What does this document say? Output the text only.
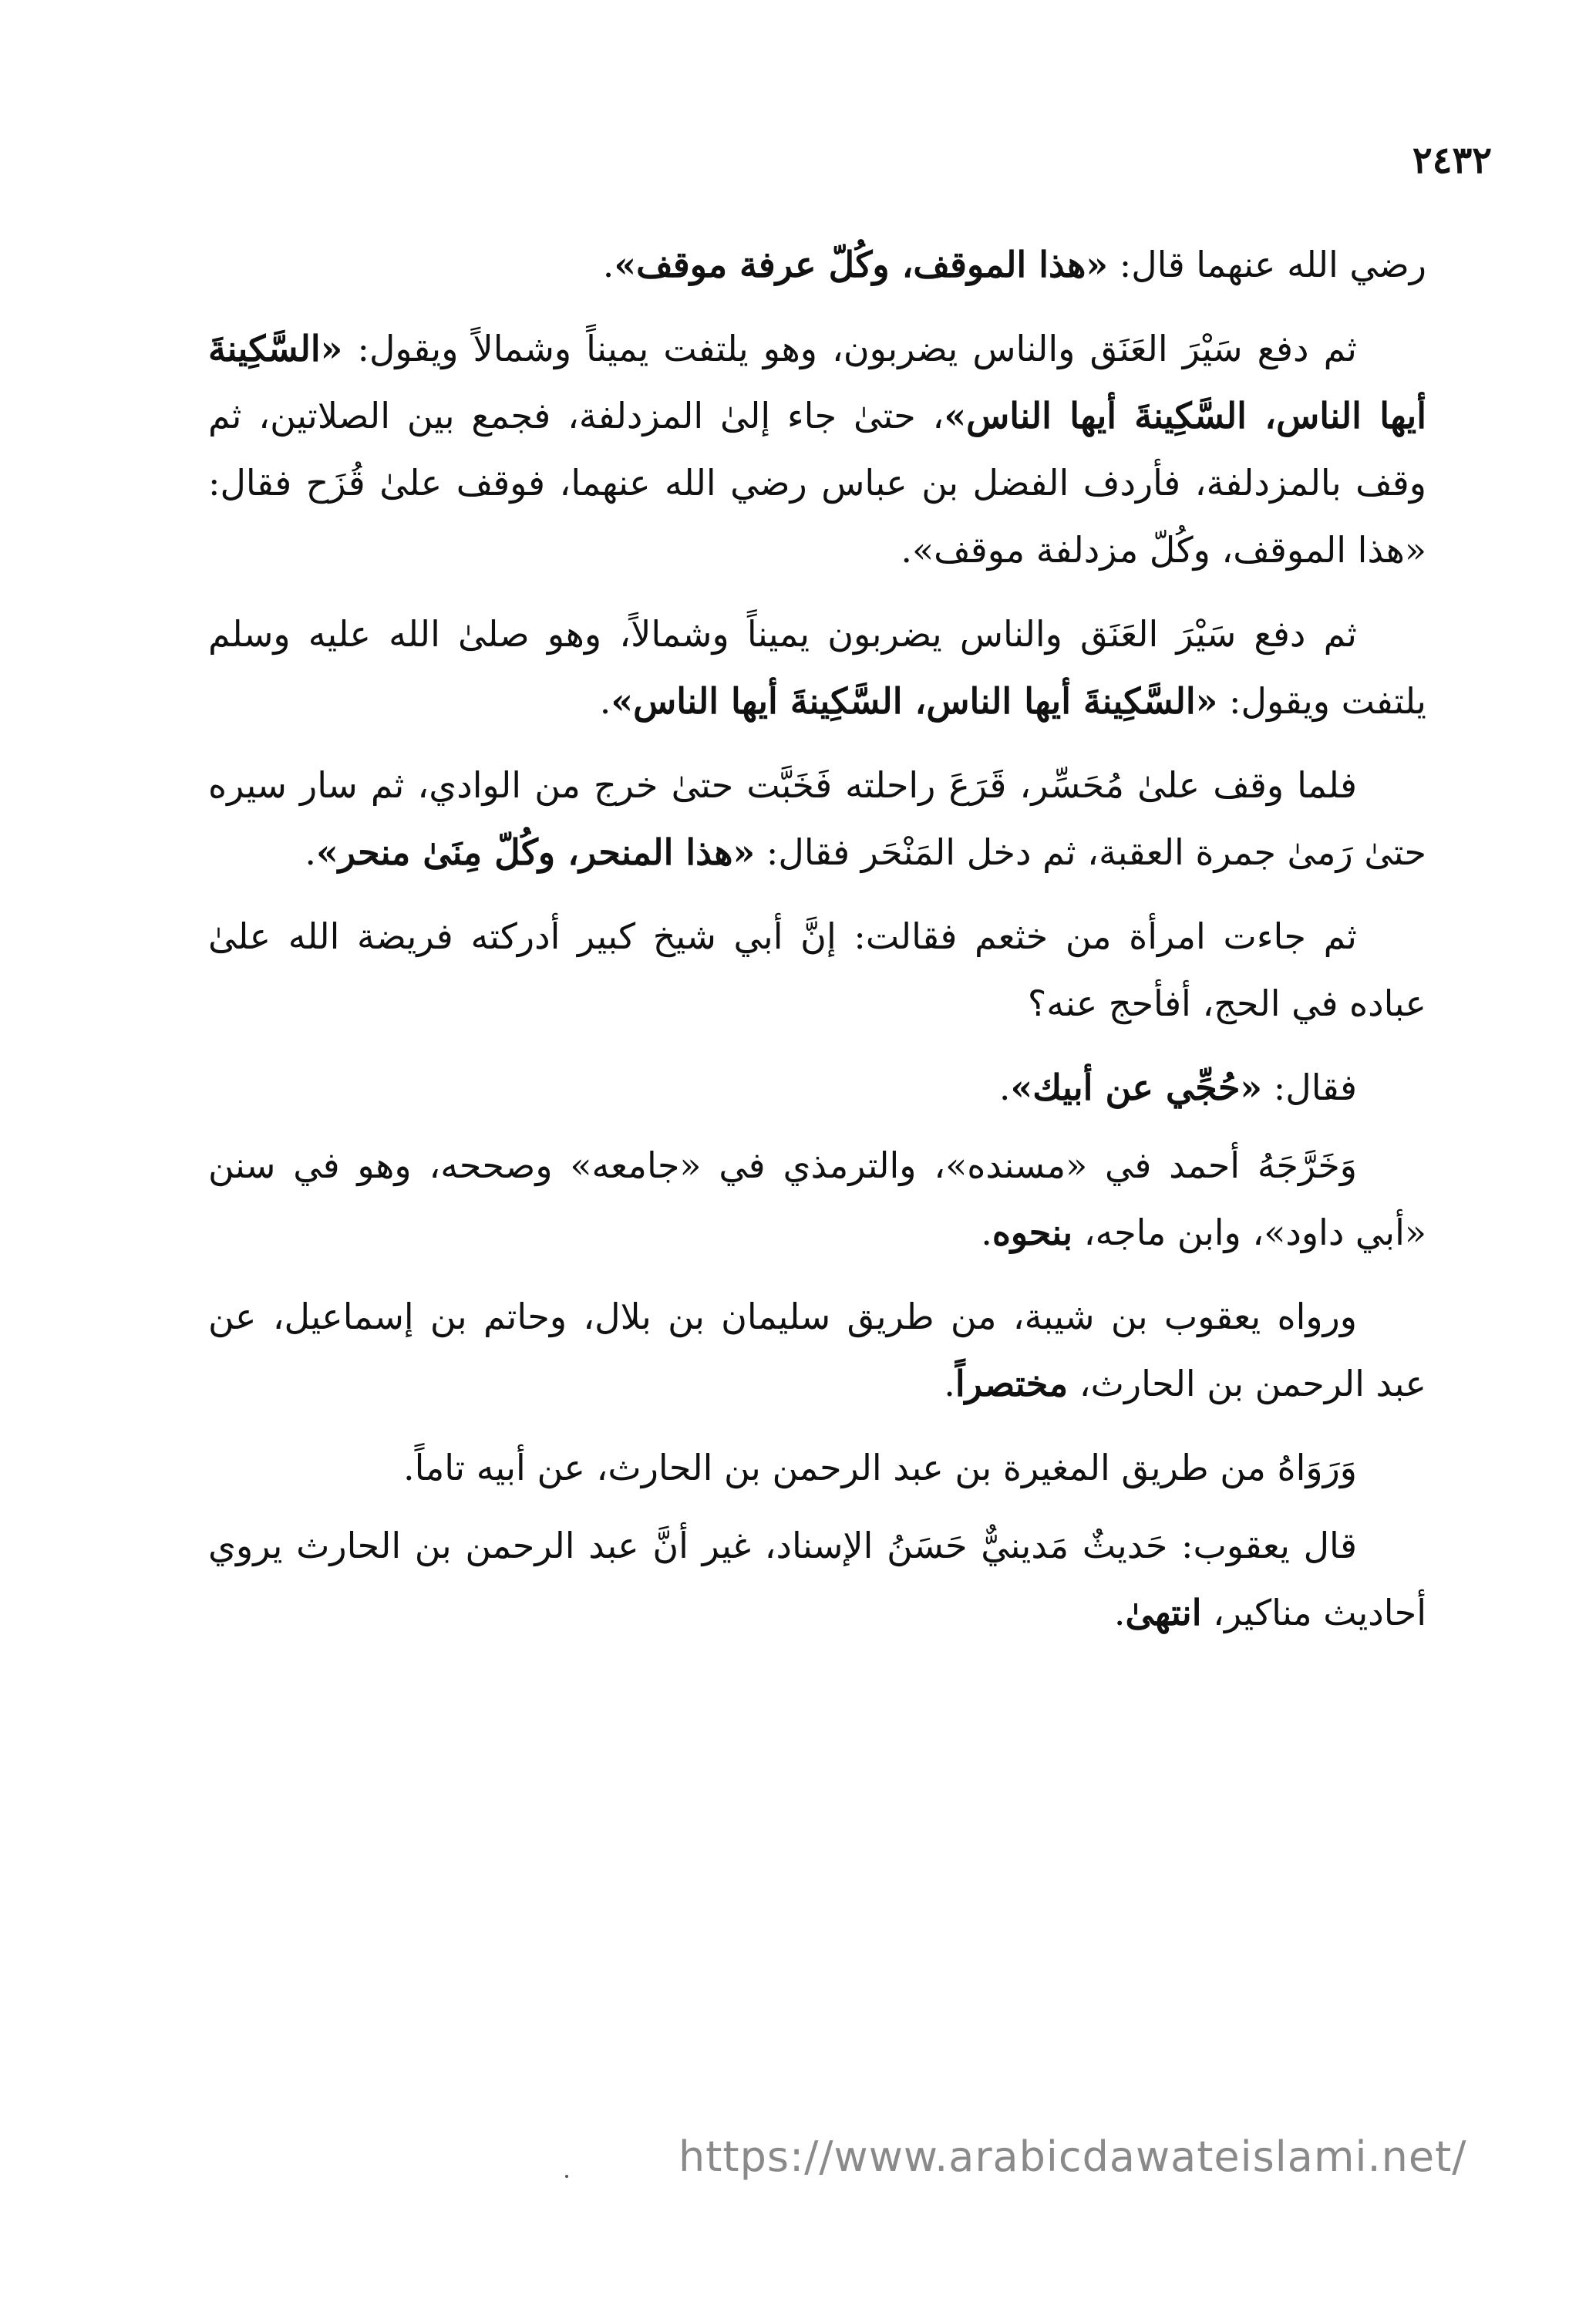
٢٤٣٢

رضي الله عنهما قال: «هذا الموقف، وكُلّ عرفة موقف».

ثم دفع سَيْرَ العَنَق والناس يضربون، وهو يلتفت يميناً وشمالاً ويقول: «السَّكِينةَ أيها الناس، السَّكِينةَ أيها الناس»، حتىٰ جاء إلىٰ المزدلفة، فجمع بين الصلاتين، ثم وقف بالمزدلفة، فأردف الفضل بن عباس رضي الله عنهما، فوقف علىٰ قُزَح فقال: «هذا الموقف، وكُلّ مزدلفة موقف».

ثم دفع سَيْرَ العَنَق والناس يضربون يميناً وشمالاً، وهو صلىٰ الله عليه وسلم يلتفت ويقول: «السَّكِينةَ أيها الناس، السَّكِينةَ أيها الناس».

فلما وقف علىٰ مُحَسِّر، قَرَعَ راحلته فَخَبَّت حتىٰ خرج من الوادي، ثم سار سيره حتىٰ رَمىٰ جمرة العقبة، ثم دخل المَنْحَر فقال: «هذا المنحر، وكُلّ مِنَىٰ منحر».

ثم جاءت امرأة من خثعم فقالت: إنَّ أبي شيخ كبير أدركته فريضة الله علىٰ عباده في الحج، أفأحج عنه؟

فقال: «حُجِّي عن أبيك».

وَخَرَّجَهُ أحمد في «مسنده»، والترمذي في «جامعه» وصححه، وهو في سنن «أبي داود»، وابن ماجه، بنحوه.

ورواه يعقوب بن شيبة، من طريق سليمان بن بلال، وحاتم بن إسماعيل، عن عبد الرحمن بن الحارث، مختصراً.

وَرَوَاهُ من طريق المغيرة بن عبد الرحمن بن الحارث، عن أبيه تاماً.

قال يعقوب: حَديثٌ مَدينيٌّ حَسَنُ الإسناد، غير أنَّ عبد الرحمن بن الحارث يروي أحاديث مناكير، انتهىٰ.

https://www.arabicdawateislami.net/
